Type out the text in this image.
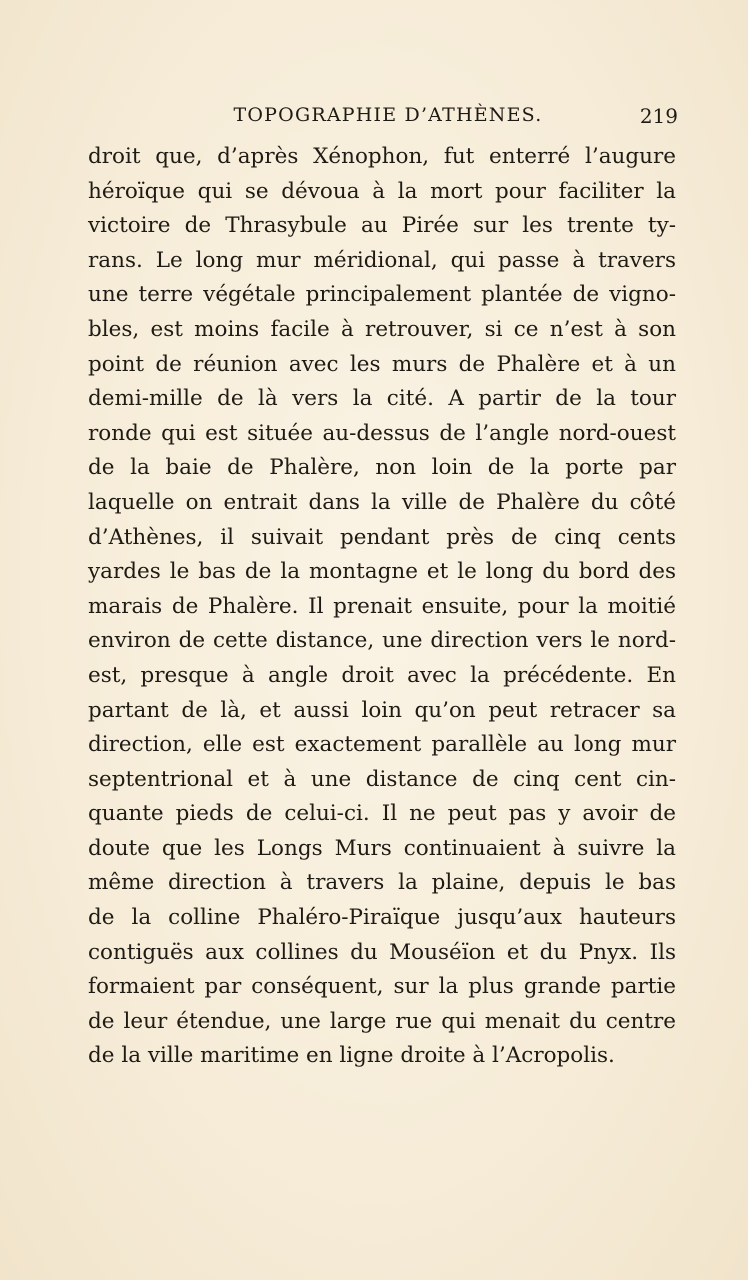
TOPOGRAPHIE D’ATHÈNES.	219
droit que, d’après Xénophon, fut enterré l’augure
héroïque qui se dévoua à la mort pour faciliter la
victoire de Thrasybule au Pirée sur les trente ty-
rans. Le long mur méridional, qui passe à travers
une terre végétale principalement plantée de vigno-
bles, est moins facile à retrouver, si ce n’est à son
point de réunion avec les murs de Phalère et à un
demi-mille de là vers la cité. A partir de la tour
ronde qui est située au-dessus de l’angle nord-ouest
de la baie de Phalère, non loin de la porte par
laquelle on entrait dans la ville de Phalère du côté
d’Athènes, il suivait pendant près de cinq cents
yardes le bas de la montagne et le long du bord des
marais de Phalère. Il prenait ensuite, pour la moitié
environ de cette distance, une direction vers le nord-
est, presque à angle droit avec la précédente. En
partant de là, et aussi loin qu’on peut retracer sa
direction, elle est exactement parallèle au long mur
septentrional et à une distance de cinq cent cin-
quante pieds de celui-ci. Il ne peut pas y avoir de
doute que les Longs Murs continuaient à suivre la
même direction à travers la plaine, depuis le bas
de la colline Phaléro-Piraïque jusqu’aux hauteurs
contiguës aux collines du Mouséïon et du Pnyx. Ils
formaient par conséquent, sur la plus grande partie
de leur étendue, une large rue qui menait du centre
de la ville maritime en ligne droite à l’Acropolis.
